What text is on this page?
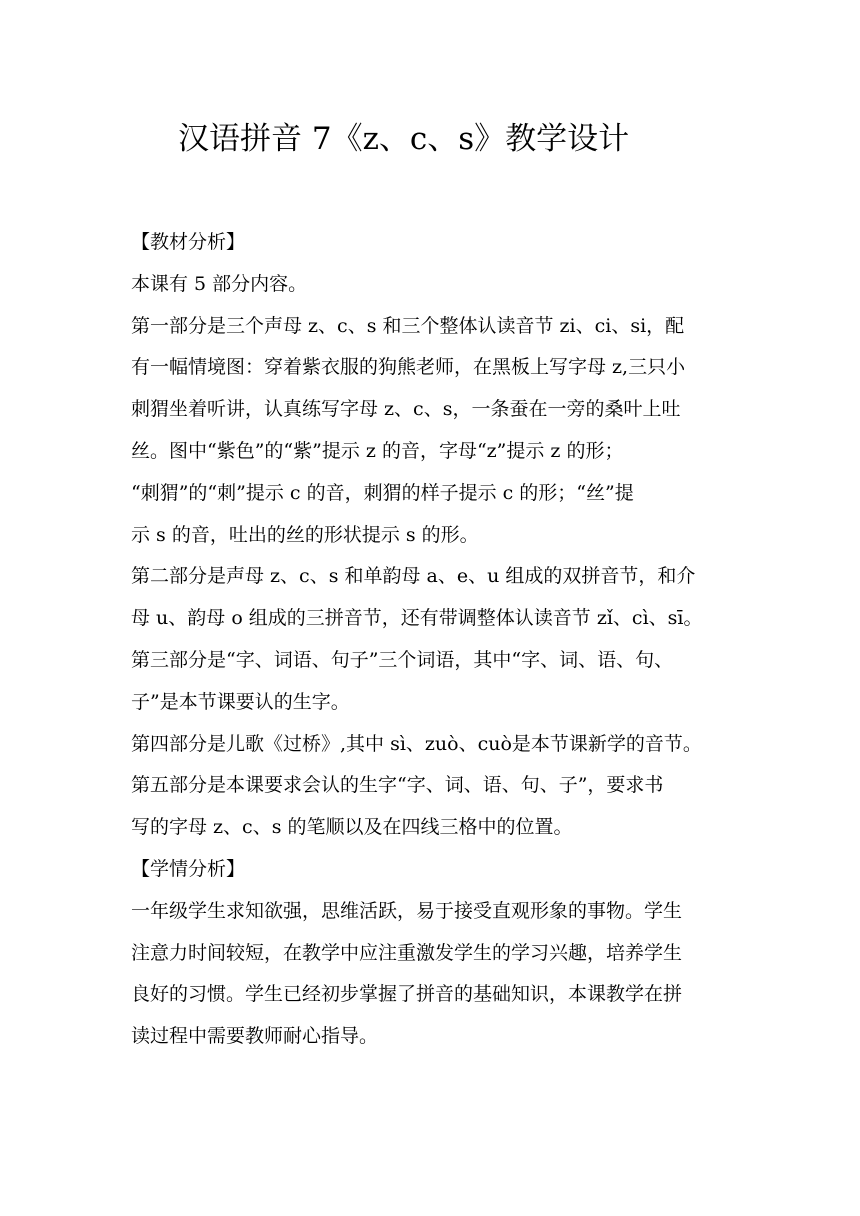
汉语拼音 7《z、c、s》教学设计
【教材分析】
本课有 5 部分内容。
第一部分是三个声母 z、c、s 和三个整体认读音节 zi、ci、si，配
有一幅情境图：穿着紫衣服的狗熊老师，在黑板上写字母 z,三只小
刺猬坐着听讲，认真练写字母 z、c、s，一条蚕在一旁的桑叶上吐
丝。图中“紫色”的“紫”提示 z 的音，字母“z”提示 z 的形；
“刺猬”的“刺”提示 c 的音，刺猬的样子提示 c 的形；“丝”提
示 s 的音，吐出的丝的形状提示 s 的形。
第二部分是声母 z、c、s 和单韵母 a、e、u 组成的双拼音节，和介
母 u、韵母 o 组成的三拼音节，还有带调整体认读音节 zǐ、cì、sī。
第三部分是“字、词语、句子”三个词语，其中“字、词、语、句、
子”是本节课要认的生字。
第四部分是儿歌《过桥》,其中 sì、zuò、cuò是本节课新学的音节。
第五部分是本课要求会认的生字“字、词、语、句、子”，要求书
写的字母 z、c、s 的笔顺以及在四线三格中的位置。
【学情分析】
一年级学生求知欲强，思维活跃，易于接受直观形象的事物。学生
注意力时间较短，在教学中应注重激发学生的学习兴趣，培养学生
良好的习惯。学生已经初步掌握了拼音的基础知识，本课教学在拼
读过程中需要教师耐心指导。
